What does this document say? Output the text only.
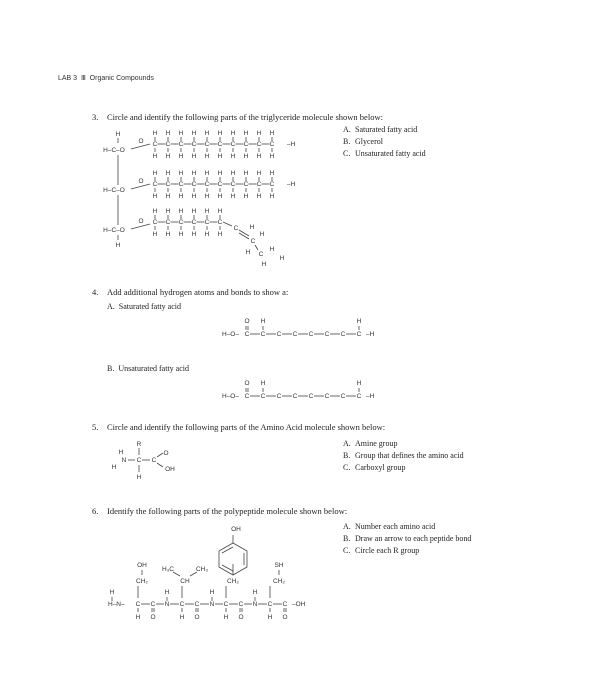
LAB 3  Ⅲ  Organic Compounds
3. Circle and identify the following parts of the triglyceride molecule shown below:
A. Saturated fatty acid
B. Glycerol
C. Unsaturated fatty acid
H
H–C–O
H–C–O
H–C–O
H
O
O
O
C
H
H
C
H
H
C
H
H
C
H
H
C
H
H
C
H
H
C
H
H
C
H
H
C
H
H
C
H
H
–H
C
H
H
C
H
H
C
H
H
C
H
H
C
H
H
C
H
H
C
H
H
C
H
H
C
H
H
C
H
H
–H
C
H
H
C
H
H
C
H
H
C
H
H
C
H
H
C
H
H
C
C
C
H
H
H	H
H
H
4. Add additional hydrogen atoms and bonds to show a:
A.  Saturated fatty acid
B.  Unsaturated fatty acid
H–O– C C C C C C C C –H
O H	H
H–O– C C C C C C C C –H
O H	H
5. Circle and identify the following parts of the Amino Acid molecule shown below:
A. Amine group
B. Group that defines the amino acid
C. Carboxyl group
R
H
N
H
C C
O
OH
H
6. Identify the following parts of the polypeptide molecule shown below:
A. Number each amino acid
B. Draw an arrow to each peptide bond
C. Circle each R group
H–N– C C N C C N C C N C C –OH
H	H	H	H
H	H	H	H
O	O	O	O
CH₂
OH
CH
H₃C	CH₃
CH₂
OH
CH₂
SH
